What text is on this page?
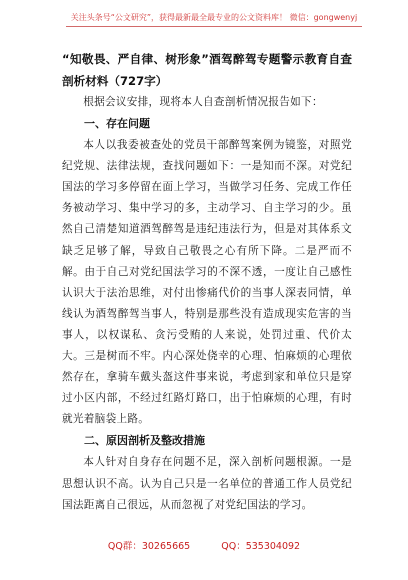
关注头条号“公文研究”，获得最新最全最专业的公文资料库！ 微信：gongwenyj

“知敬畏、严自律、树形象”酒驾醉驾专题警示教育自查剖析材料（727字）

根据会议安排，现将本人自查剖析情况报告如下：

一、存在问题

本人以我委被查处的党员干部醉驾案例为镜鉴，对照党纪党规、法律法规，查找问题如下：一是知而不深。对党纪国法的学习多停留在面上学习，当做学习任务、完成工作任务被动学习、集中学习的多，主动学习、自主学习的少。虽然自己清楚知道酒驾醉驾是违纪违法行为，但是对其体系文缺乏足够了解，导致自己敬畏之心有所下降。二是严而不解。由于自己对党纪国法学习的不深不透，一度让自己感性认识大于法治思维，对付出惨痛代价的当事人深表同情，单线认为酒驾醉驾当事人，特别是那些没有造成现实危害的当事人，以权谋私、贪污受贿的人来说，处罚过重、代价太大。三是树而不牢。内心深处侥幸的心理、怕麻烦的心理依然存在，拿骑车戴头盔这件事来说，考虑到家和单位只是穿过小区内部，不经过红路灯路口，出于怕麻烦的心理，有时就光着脑袋上路。

二、原因剖析及整改措施

本人针对自身存在问题不足，深入剖析问题根源。一是思想认识不高。认为自己只是一名单位的普通工作人员党纪国法距离自己很远，从而忽视了对党纪国法的学习。

QQ群：30265665	QQ：535304092
